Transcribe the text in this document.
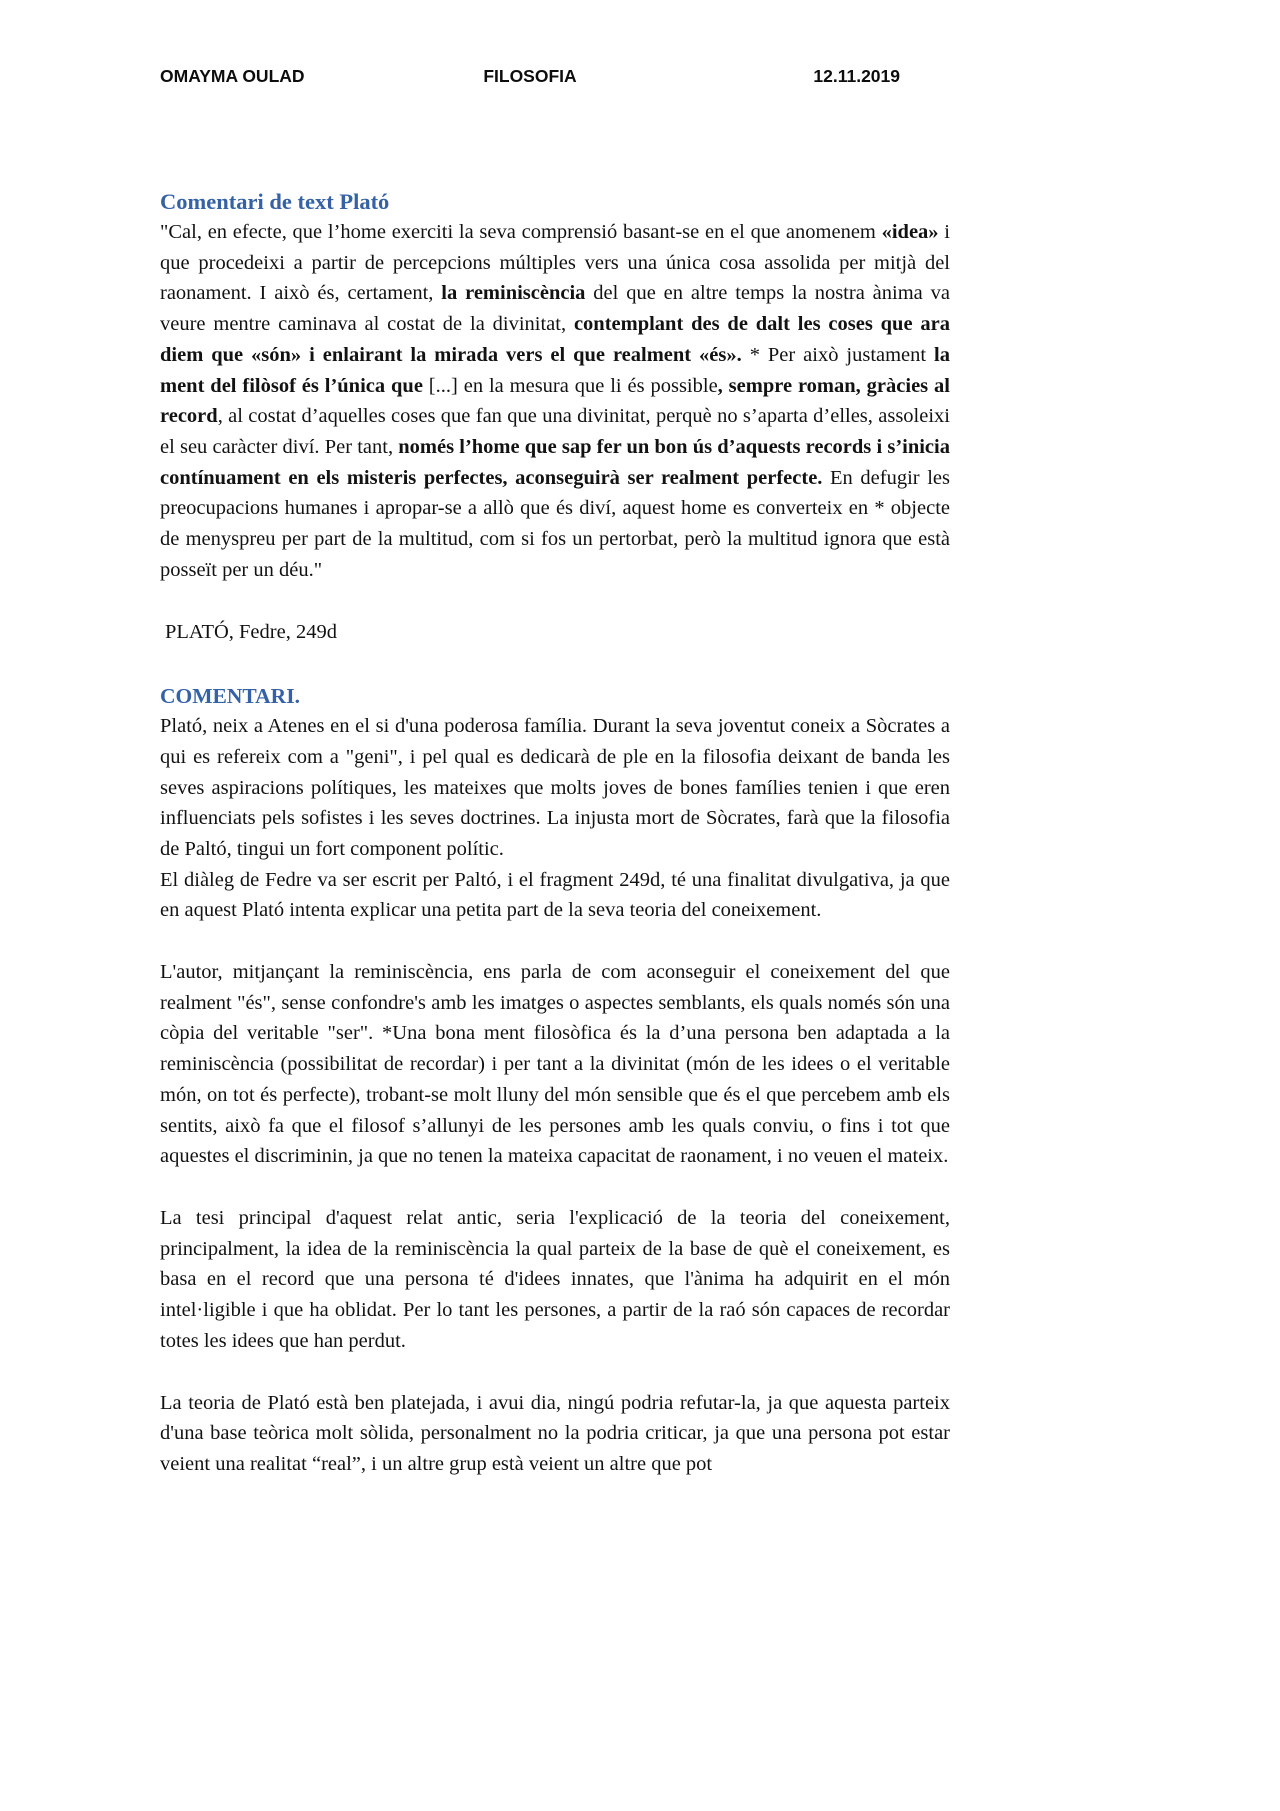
OMAYMA OULAD	FILOSOFIA	12.11.2019
Comentari de text Plató

"Cal, en efecte, que l’home exerciti la seva comprensió basant-se en el que anomenem «idea» i que procedeixi a partir de percepcions múltiples vers una única cosa assolida per mitjà del raonament. I això és, certament, la reminiscència del que en altre temps la nostra ànima va veure mentre caminava al costat de la divinitat, contemplant des de dalt les coses que ara diem que «són» i enlairant la mirada vers el que realment «és». * Per això justament la ment del filòsof és l’única que [...] en la mesura que li és possible, sempre roman, gràcies al record, al costat d’aquelles coses que fan que una divinitat, perquè no s’aparta d’elles, assoleixi el seu caràcter diví. Per tant, només l’home que sap fer un bon ús d’aquests records i s’inicia contínuament en els misteris perfectes, aconseguirà ser realment perfecte. En defugir les preocupacions humanes i apropar-se a allò que és diví, aquest home es converteix en * objecte de menyspreu per part de la multitud, com si fos un pertorbat, però la multitud ignora que està posseït per un déu."

PLATÓ, Fedre, 249d

COMENTARI.

Plató, neix a Atenes en el si d'una poderosa família. Durant la seva joventut coneix a Sòcrates a qui es refereix com a "geni", i pel qual es dedicarà de ple en la filosofia deixant de banda les seves aspiracions polítiques, les mateixes que molts joves de bones famílies tenien i que eren influenciats pels sofistes i les seves doctrines. La injusta mort de Sòcrates, farà que la filosofia de Paltó, tingui un fort component polític.

El diàleg de Fedre va ser escrit per Paltó, i el fragment 249d, té una finalitat divulgativa, ja que en aquest Plató intenta explicar una petita part de la seva teoria del coneixement.

L'autor, mitjançant la reminiscència, ens parla de com aconseguir el coneixement del que realment "és", sense confondre's amb les imatges o aspectes semblants, els quals només són una còpia del veritable "ser". *Una bona ment filosòfica és la d’una persona ben adaptada a la reminiscència (possibilitat de recordar) i per tant a la divinitat (món de les idees o el veritable món, on tot és perfecte), trobant-se molt lluny del món sensible que és el que percebem amb els sentits, això fa que el filosof s’allunyi de les persones amb les quals conviu, o fins i tot que aquestes el discriminin, ja que no tenen la mateixa capacitat de raonament, i no veuen el mateix.

La tesi principal d'aquest relat antic, seria l'explicació de la teoria del coneixement, principalment, la idea de la reminiscència la qual parteix de la base de què el coneixement, es basa en el record que una persona té d'idees innates, que l'ànima ha adquirit en el món intel·ligible i que ha oblidat. Per lo tant les persones, a partir de la raó són capaces de recordar totes les idees que han perdut.

La teoria de Plató està ben platejada, i avui dia, ningú podria refutar-la, ja que aquesta parteix d'una base teòrica molt sòlida, personalment no la podria criticar, ja que una persona pot estar veient una realitat “real”, i un altre grup està veient un altre que pot
